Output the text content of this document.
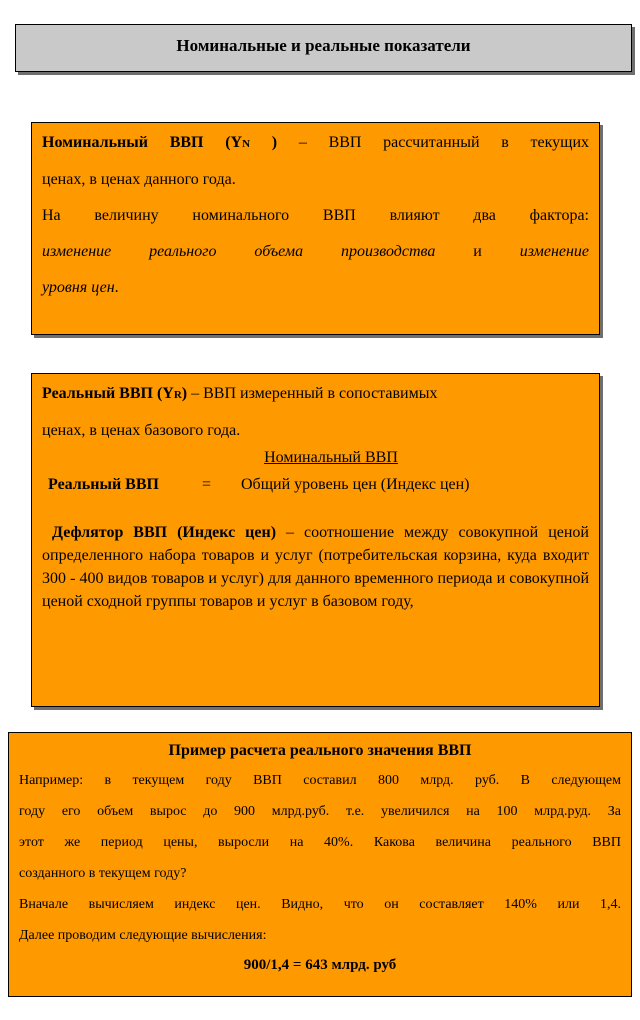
Номинальные и реальные показатели

Номинальный ВВП (YN ) – ВВП рассчитанный в текущих

ценах, в ценах данного года.

На величину номинального ВВП влияют два фактора:

изменение реального объема производства и изменение

уровня цен.

Реальный ВВП (YR) – ВВП измеренный в сопоставимых

ценах, в ценах базового года.

Номинальный ВВП
Реальный ВВП	= Общий уровень цен (Индекс цен)

Дефлятор ВВП (Индекс цен) – соотношение между совокупной ценой определенного набора товаров и услуг (потребительская корзина, куда входит 300 - 400 видов товаров и услуг) для данного временного периода и совокупной ценой сходной группы товаров и услуг в базовом году,

Пример расчета реального значения ВВП

Например: в текущем году ВВП составил 800 млрд. руб. В следующем

году его объем вырос до 900 млрд.руб. т.е. увеличился на 100 млрд.руд. За

этот же период цены, выросли на 40%. Какова величина реального ВВП

созданного в текущем году?

Вначале вычисляем индекс цен. Видно, что он составляет 140% или 1,4.

Далее проводим следующие вычисления:

900/1,4 = 643 млрд. руб
